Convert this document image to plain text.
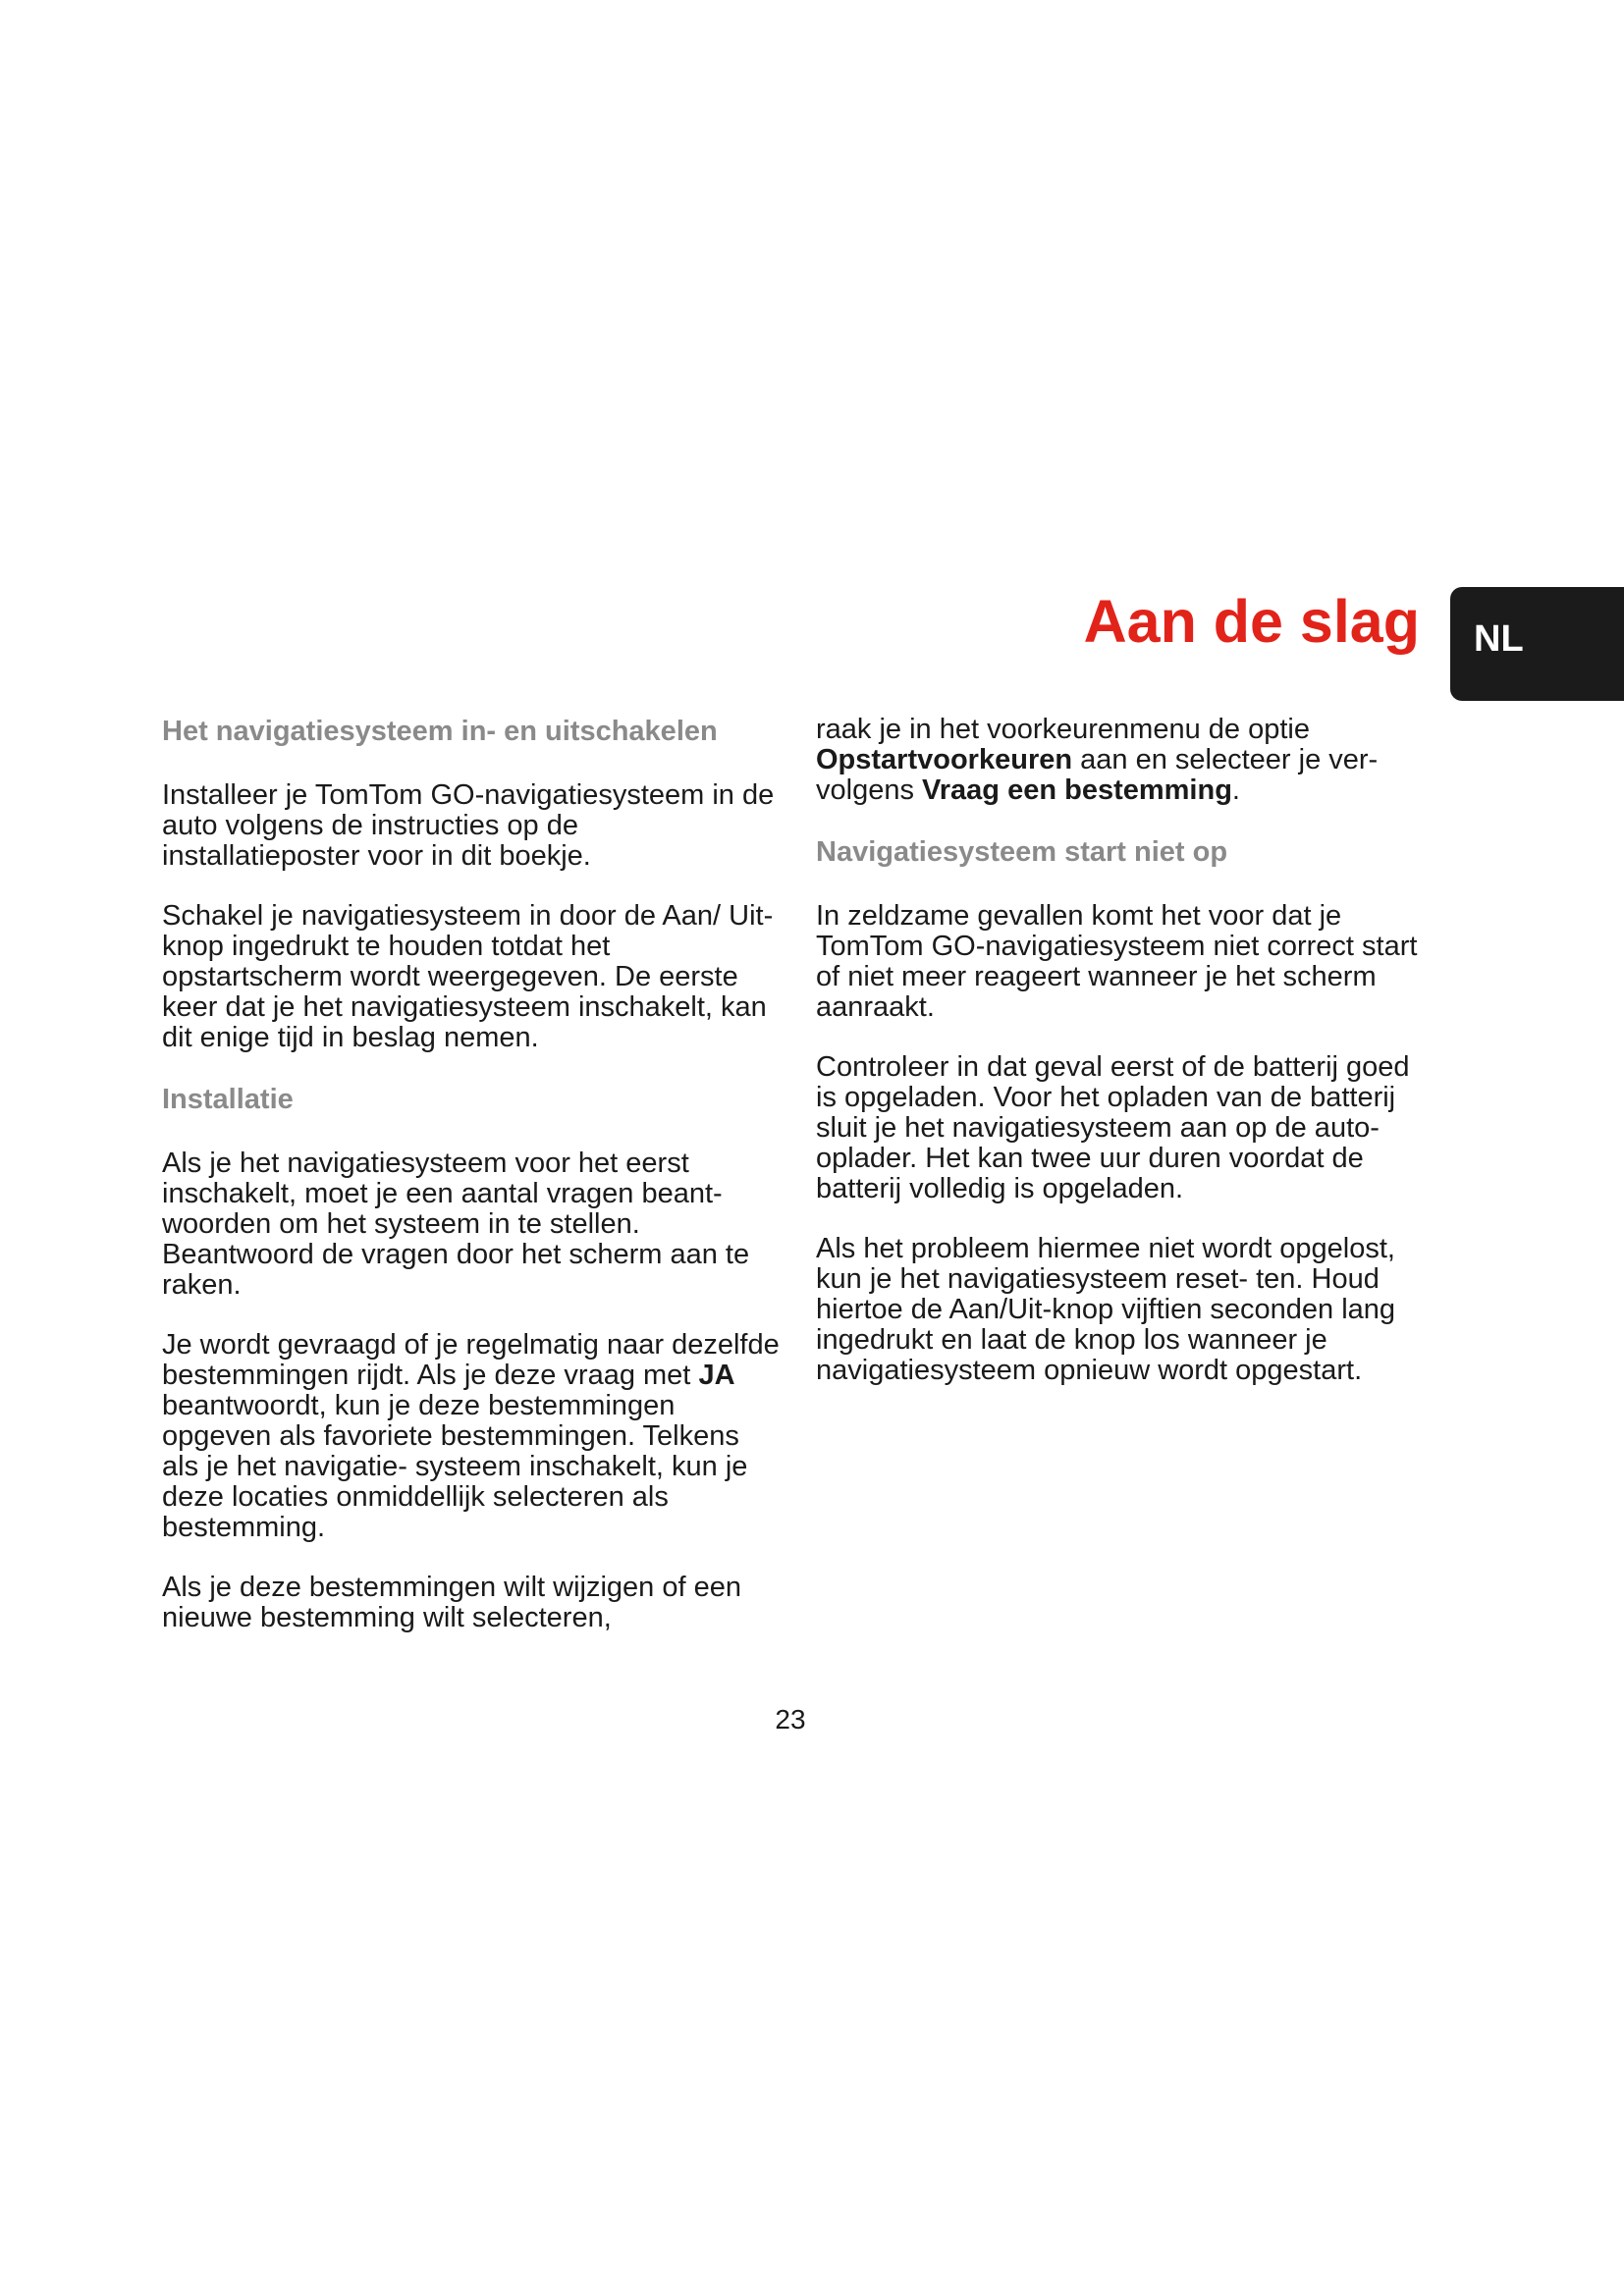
Aan de slag NL
Het navigatiesysteem in- en uitschakelen

Installeer je TomTom GO-navigatiesysteem in de auto volgens de instructies op de installatieposter voor in dit boekje.

Schakel je navigatiesysteem in door de Aan/ Uit-knop ingedrukt te houden totdat het opstartscherm wordt weergegeven. De eerste keer dat je het navigatiesysteem inschakelt, kan dit enige tijd in beslag nemen.

Installatie

Als je het navigatiesysteem voor het eerst inschakelt, moet je een aantal vragen beant- woorden om het systeem in te stellen. Beantwoord de vragen door het scherm aan te raken.

Je wordt gevraagd of je regelmatig naar dezelfde bestemmingen rijdt. Als je deze vraag met JA beantwoordt, kun je deze bestemmingen opgeven als favoriete bestemmingen. Telkens als je het navigatie- systeem inschakelt, kun je deze locaties onmiddellijk selecteren als bestemming.

Als je deze bestemmingen wilt wijzigen of een nieuwe bestemming wilt selecteren,

raak je in het voorkeurenmenu de optie Opstartvoorkeuren aan en selecteer je ver- volgens Vraag een bestemming.

Navigatiesysteem start niet op

In zeldzame gevallen komt het voor dat je TomTom GO-navigatiesysteem niet correct start of niet meer reageert wanneer je het scherm aanraakt.

Controleer in dat geval eerst of de batterij goed is opgeladen. Voor het opladen van de batterij sluit je het navigatiesysteem aan op de auto-oplader. Het kan twee uur duren voordat de batterij volledig is opgeladen.

Als het probleem hiermee niet wordt opgelost, kun je het navigatiesysteem reset- ten. Houd hiertoe de Aan/Uit-knop vijftien seconden lang ingedrukt en laat de knop los wanneer je navigatiesysteem opnieuw wordt opgestart.

23
